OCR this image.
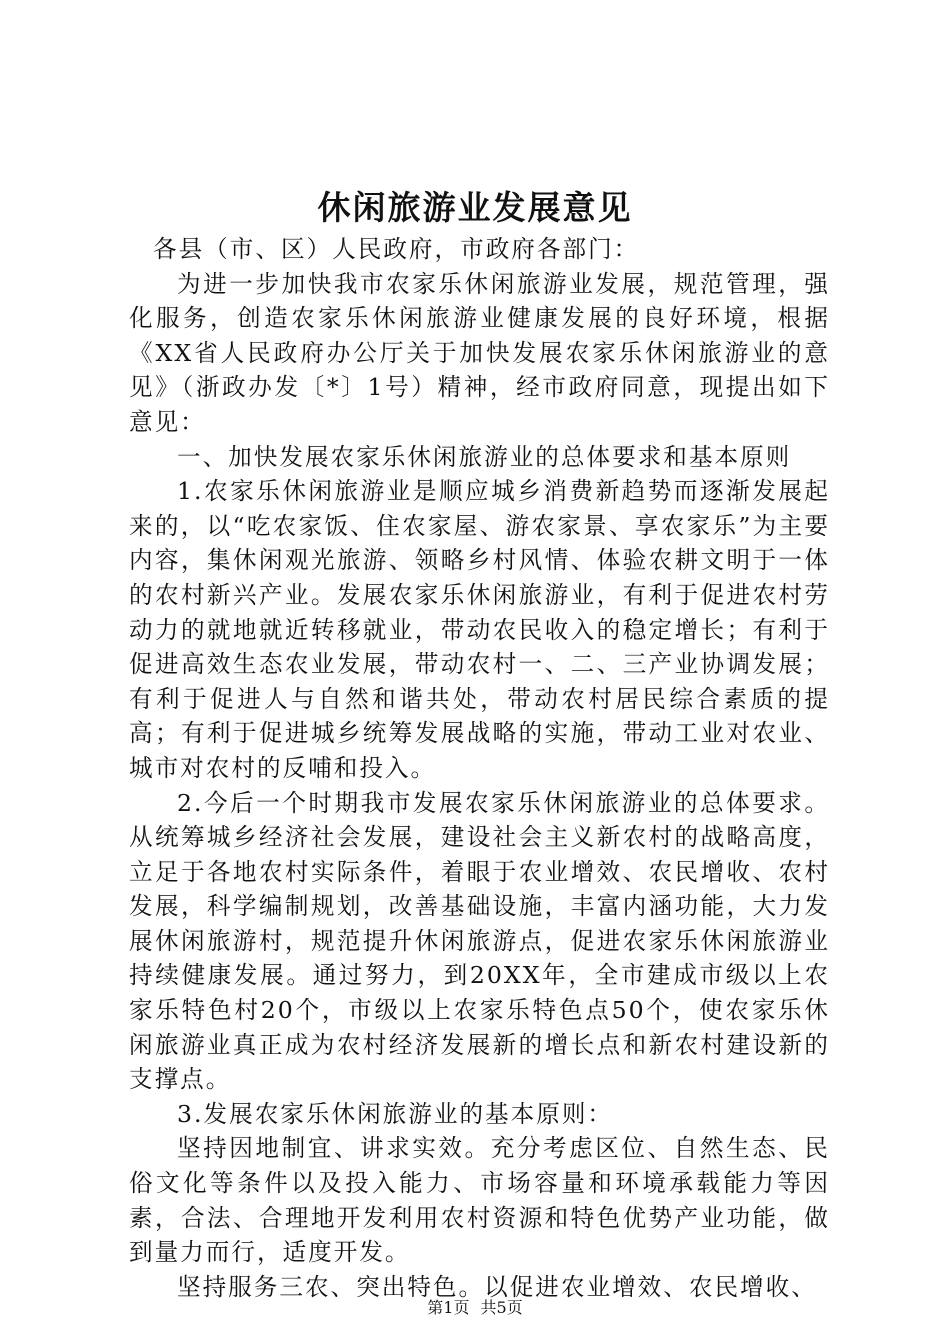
休闲旅游业发展意见

各县（市、区）人民政府，市政府各部门：

为进一步加快我市农家乐休闲旅游业发展，规范管理，强化服务，创造农家乐休闲旅游业健康发展的良好环境，根据《XX省人民政府办公厅关于加快发展农家乐休闲旅游业的意见》（浙政办发〔*〕1号）精神，经市政府同意，现提出如下意见：

一、加快发展农家乐休闲旅游业的总体要求和基本原则

1.农家乐休闲旅游业是顺应城乡消费新趋势而逐渐发展起来的，以“吃农家饭、住农家屋、游农家景、享农家乐”为主要内容，集休闲观光旅游、领略乡村风情、体验农耕文明于一体的农村新兴产业。发展农家乐休闲旅游业，有利于促进农村劳动力的就地就近转移就业，带动农民收入的稳定增长；有利于促进高效生态农业发展，带动农村一、二、三产业协调发展；有利于促进人与自然和谐共处，带动农村居民综合素质的提高；有利于促进城乡统筹发展战略的实施，带动工业对农业、城市对农村的反哺和投入。

2.今后一个时期我市发展农家乐休闲旅游业的总体要求。从统筹城乡经济社会发展，建设社会主义新农村的战略高度，立足于各地农村实际条件，着眼于农业增效、农民增收、农村发展，科学编制规划，改善基础设施，丰富内涵功能，大力发展休闲旅游村，规范提升休闲旅游点，促进农家乐休闲旅游业持续健康发展。通过努力，到20XX年，全市建成市级以上农家乐特色村20个，市级以上农家乐特色点50个，使农家乐休闲旅游业真正成为农村经济发展新的增长点和新农村建设新的支撑点。

3.发展农家乐休闲旅游业的基本原则：

坚持因地制宜、讲求实效。充分考虑区位、自然生态、民俗文化等条件以及投入能力、市场容量和环境承载能力等因素，合法、合理地开发利用农村资源和特色优势产业功能，做到量力而行，适度开发。

坚持服务三农、突出特色。以促进农业增效、农民增收、

第1页 共5页
